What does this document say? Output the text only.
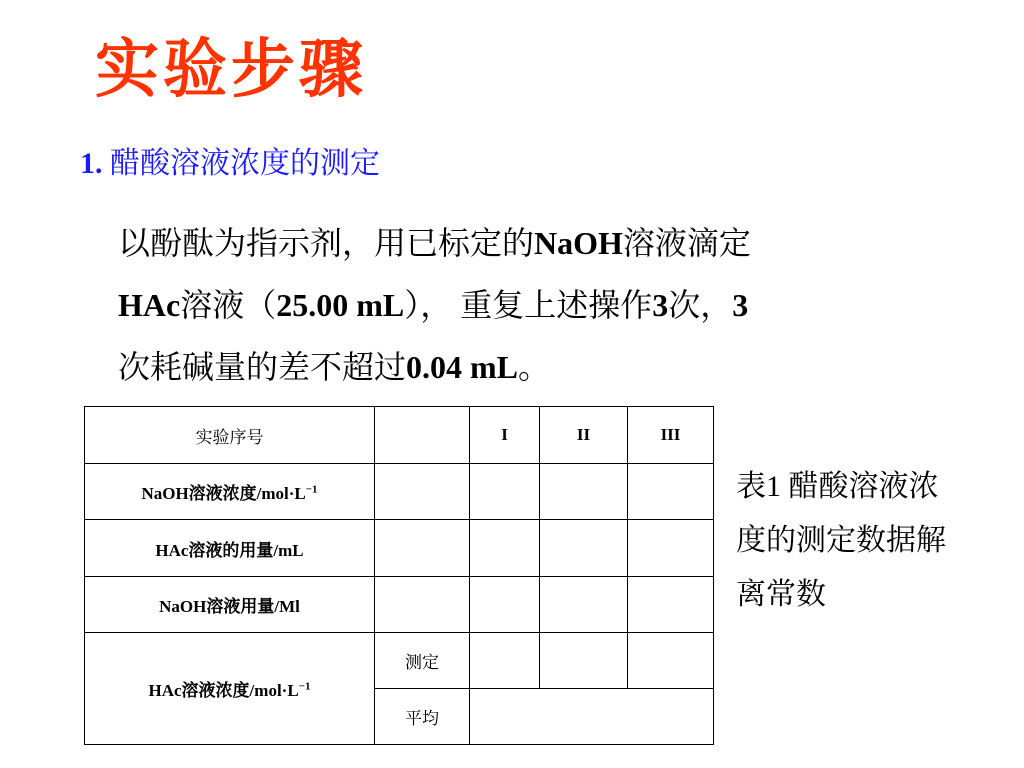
实验步骤
1. 醋酸溶液浓度的测定
以酚酞为指示剂，用已标定的NaOH溶液滴定
HAc溶液（25.00 mL）， 重复上述操作3次，3
次耗碱量的差不超过0.04 mL。
实验序号		I	II	III
NaOH溶液浓度$/mol\cdot L^{-1}$				
HAc溶液的用量/mL				
NaOH溶液用量/Ml				
HAc溶液浓度$/mol\cdot L^{-1}$	测定			
	平均			
表1 醋酸溶液浓
度的测定数据解
离常数
